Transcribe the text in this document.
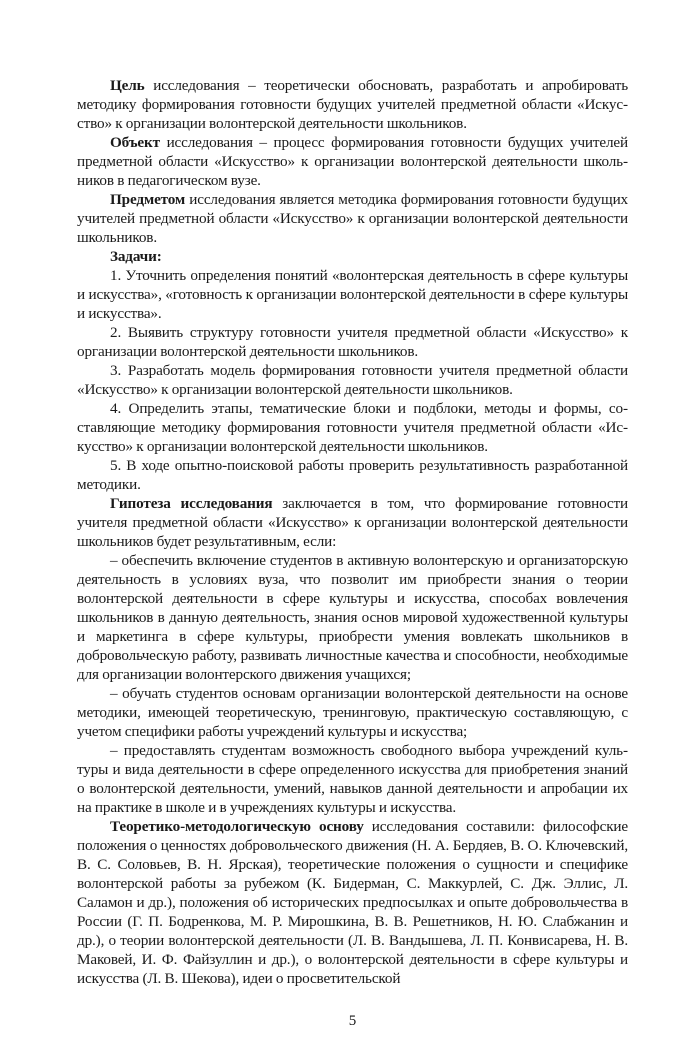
Цель исследования – теоретически обосновать, разработать и апробировать методику формирования готовности будущих учителей предметной области «Искусство» к организации волонтерской деятельности школьников.

Объект исследования – процесс формирования готовности будущих учителей предметной области «Искусство» к организации волонтерской деятельности школьников в педагогическом вузе.

Предметом исследования является методика формирования готовности будущих учителей предметной области «Искусство» к организации волонтерской деятельности школьников.

Задачи:

1. Уточнить определения понятий «волонтерская деятельность в сфере культуры и искусства», «готовность к организации волонтерской деятельности в сфере культуры и искусства».

2. Выявить структуру готовности учителя предметной области «Искусство» к организации волонтерской деятельности школьников.

3. Разработать модель формирования готовности учителя предметной области «Искусство» к организации волонтерской деятельности школьников.

4. Определить этапы, тематические блоки и подблоки, методы и формы, составляющие методику формирования готовности учителя предметной области «Искусство» к организации волонтерской деятельности школьников.

5. В ходе опытно-поисковой работы проверить результативность разработанной методики.

Гипотеза исследования заключается в том, что формирование готовности учителя предметной области «Искусство» к организации волонтерской деятельности школьников будет результативным, если:

– обеспечить включение студентов в активную волонтерскую и организаторскую деятельность в условиях вуза, что позволит им приобрести знания о теории волонтерской деятельности в сфере культуры и искусства, способах вовлечения школьников в данную деятельность, знания основ мировой художественной культуры и маркетинга в сфере культуры, приобрести умения вовлекать школьников в добровольческую работу, развивать личностные качества и способности, необходимые для организации волонтерского движения учащихся;

– обучать студентов основам организации волонтерской деятельности на основе методики, имеющей теоретическую, тренинговую, практическую составляющую, с учетом специфики работы учреждений культуры и искусства;

– предоставлять студентам возможность свободного выбора учреждений культуры и вида деятельности в сфере определенного искусства для приобретения знаний о волонтерской деятельности, умений, навыков данной деятельности и апробации их на практике в школе и в учреждениях культуры и искусства.

Теоретико-методологическую основу исследования составили: философские положения о ценностях добровольческого движения (Н. А. Бердяев, В. О. Ключевский, В. С. Соловьев, В. Н. Ярская), теоретические положения о сущности и специфике волонтерской работы за рубежом (К. Бидерман, С. Маккурлей, С. Дж. Эллис, Л. Саламон и др.), положения об исторических предпосылках и опыте добровольчества в России (Г. П. Бодренкова, М. Р. Мирошкина, В. В. Решетников, Н. Ю. Слабжанин и др.), о теории волонтерской деятельности (Л. В. Вандышева, Л. П. Конвисарева, Н. В. Маковей, И. Ф. Файзуллин и др.), о волонтерской деятельности в сфере культуры и искусства (Л. В. Шекова), идеи о просветительской

5
